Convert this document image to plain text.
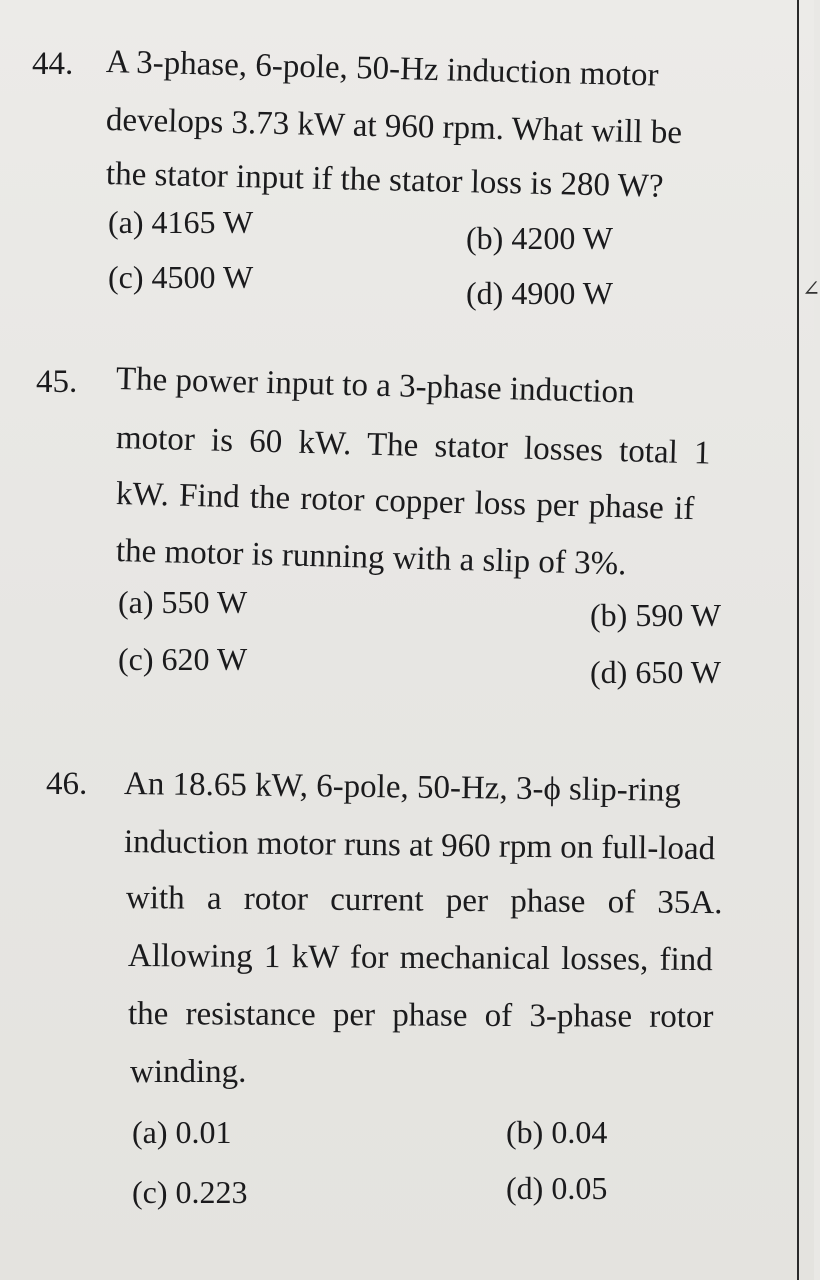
∠
44. A 3-phase, 6-pole, 50-Hz induction motor
develops 3.73 kW at 960 rpm. What will be
the stator input if the stator loss is 280 W?
(a) 4165 W	(b) 4200 W
(c) 4500 W	(d) 4900 W
45. The power input to a 3-phase induction
motor is 60 kW. The stator losses total 1
kW. Find the rotor copper loss per phase if
the motor is running with a slip of 3%.
(a) 550 W	(b) 590 W
(c) 620 W	(d) 650 W
46. An 18.65 kW, 6-pole, 50-Hz, 3-ϕ slip-ring
induction motor runs at 960 rpm on full-load
with a rotor current per phase of 35A.
Allowing 1 kW for mechanical losses, find
the resistance per phase of 3-phase rotor
winding.
(a) 0.01	(b) 0.04
(c) 0.223	(d) 0.05
